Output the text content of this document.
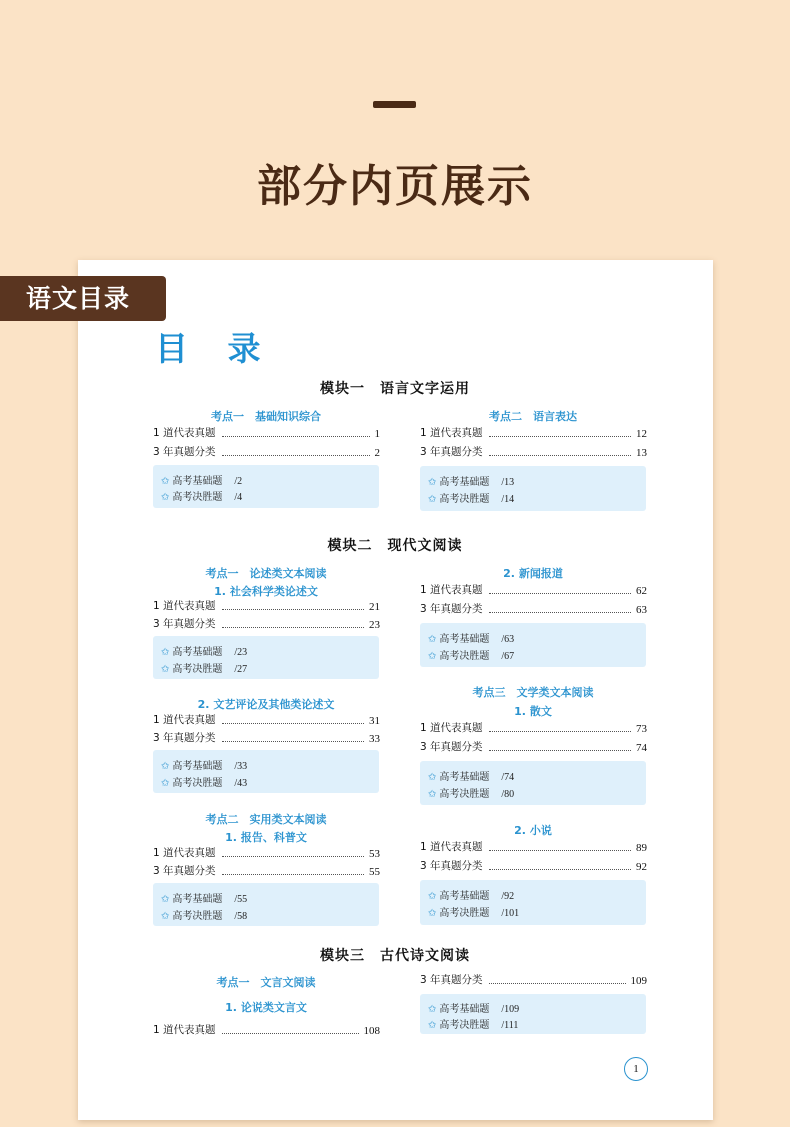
部分内页展示
语文目录
目 录
模块一　语言文字运用
考点一　基础知识综合
1 道代表真题	1
3 年真题分类	2
✩ 高考基础题 /2
✩ 高考决胜题 /4
考点二　语言表达
1 道代表真题	12
3 年真题分类	13
✩ 高考基础题 /13
✩ 高考决胜题 /14
模块二　现代文阅读
考点一　论述类文本阅读
1. 社会科学类论述文
1 道代表真题	21
3 年真题分类	23
✩ 高考基础题 /23
✩ 高考决胜题 /27
2. 文艺评论及其他类论述文
1 道代表真题	31
3 年真题分类	33
✩ 高考基础题 /33
✩ 高考决胜题 /43
考点二　实用类文本阅读
1. 报告、科普文
1 道代表真题	53
3 年真题分类	55
✩ 高考基础题 /55
✩ 高考决胜题 /58
2. 新闻报道
1 道代表真题	62
3 年真题分类	63
✩ 高考基础题 /63
✩ 高考决胜题 /67
考点三　文学类文本阅读
1. 散文
1 道代表真题	73
3 年真题分类	74
✩ 高考基础题 /74
✩ 高考决胜题 /80
2. 小说
1 道代表真题	89
3 年真题分类	92
✩ 高考基础题 /92
✩ 高考决胜题 /101
模块三　古代诗文阅读
考点一　文言文阅读
1. 论说类文言文
1 道代表真题	108
3 年真题分类	109
✩ 高考基础题 /109
✩ 高考决胜题 /111
1
